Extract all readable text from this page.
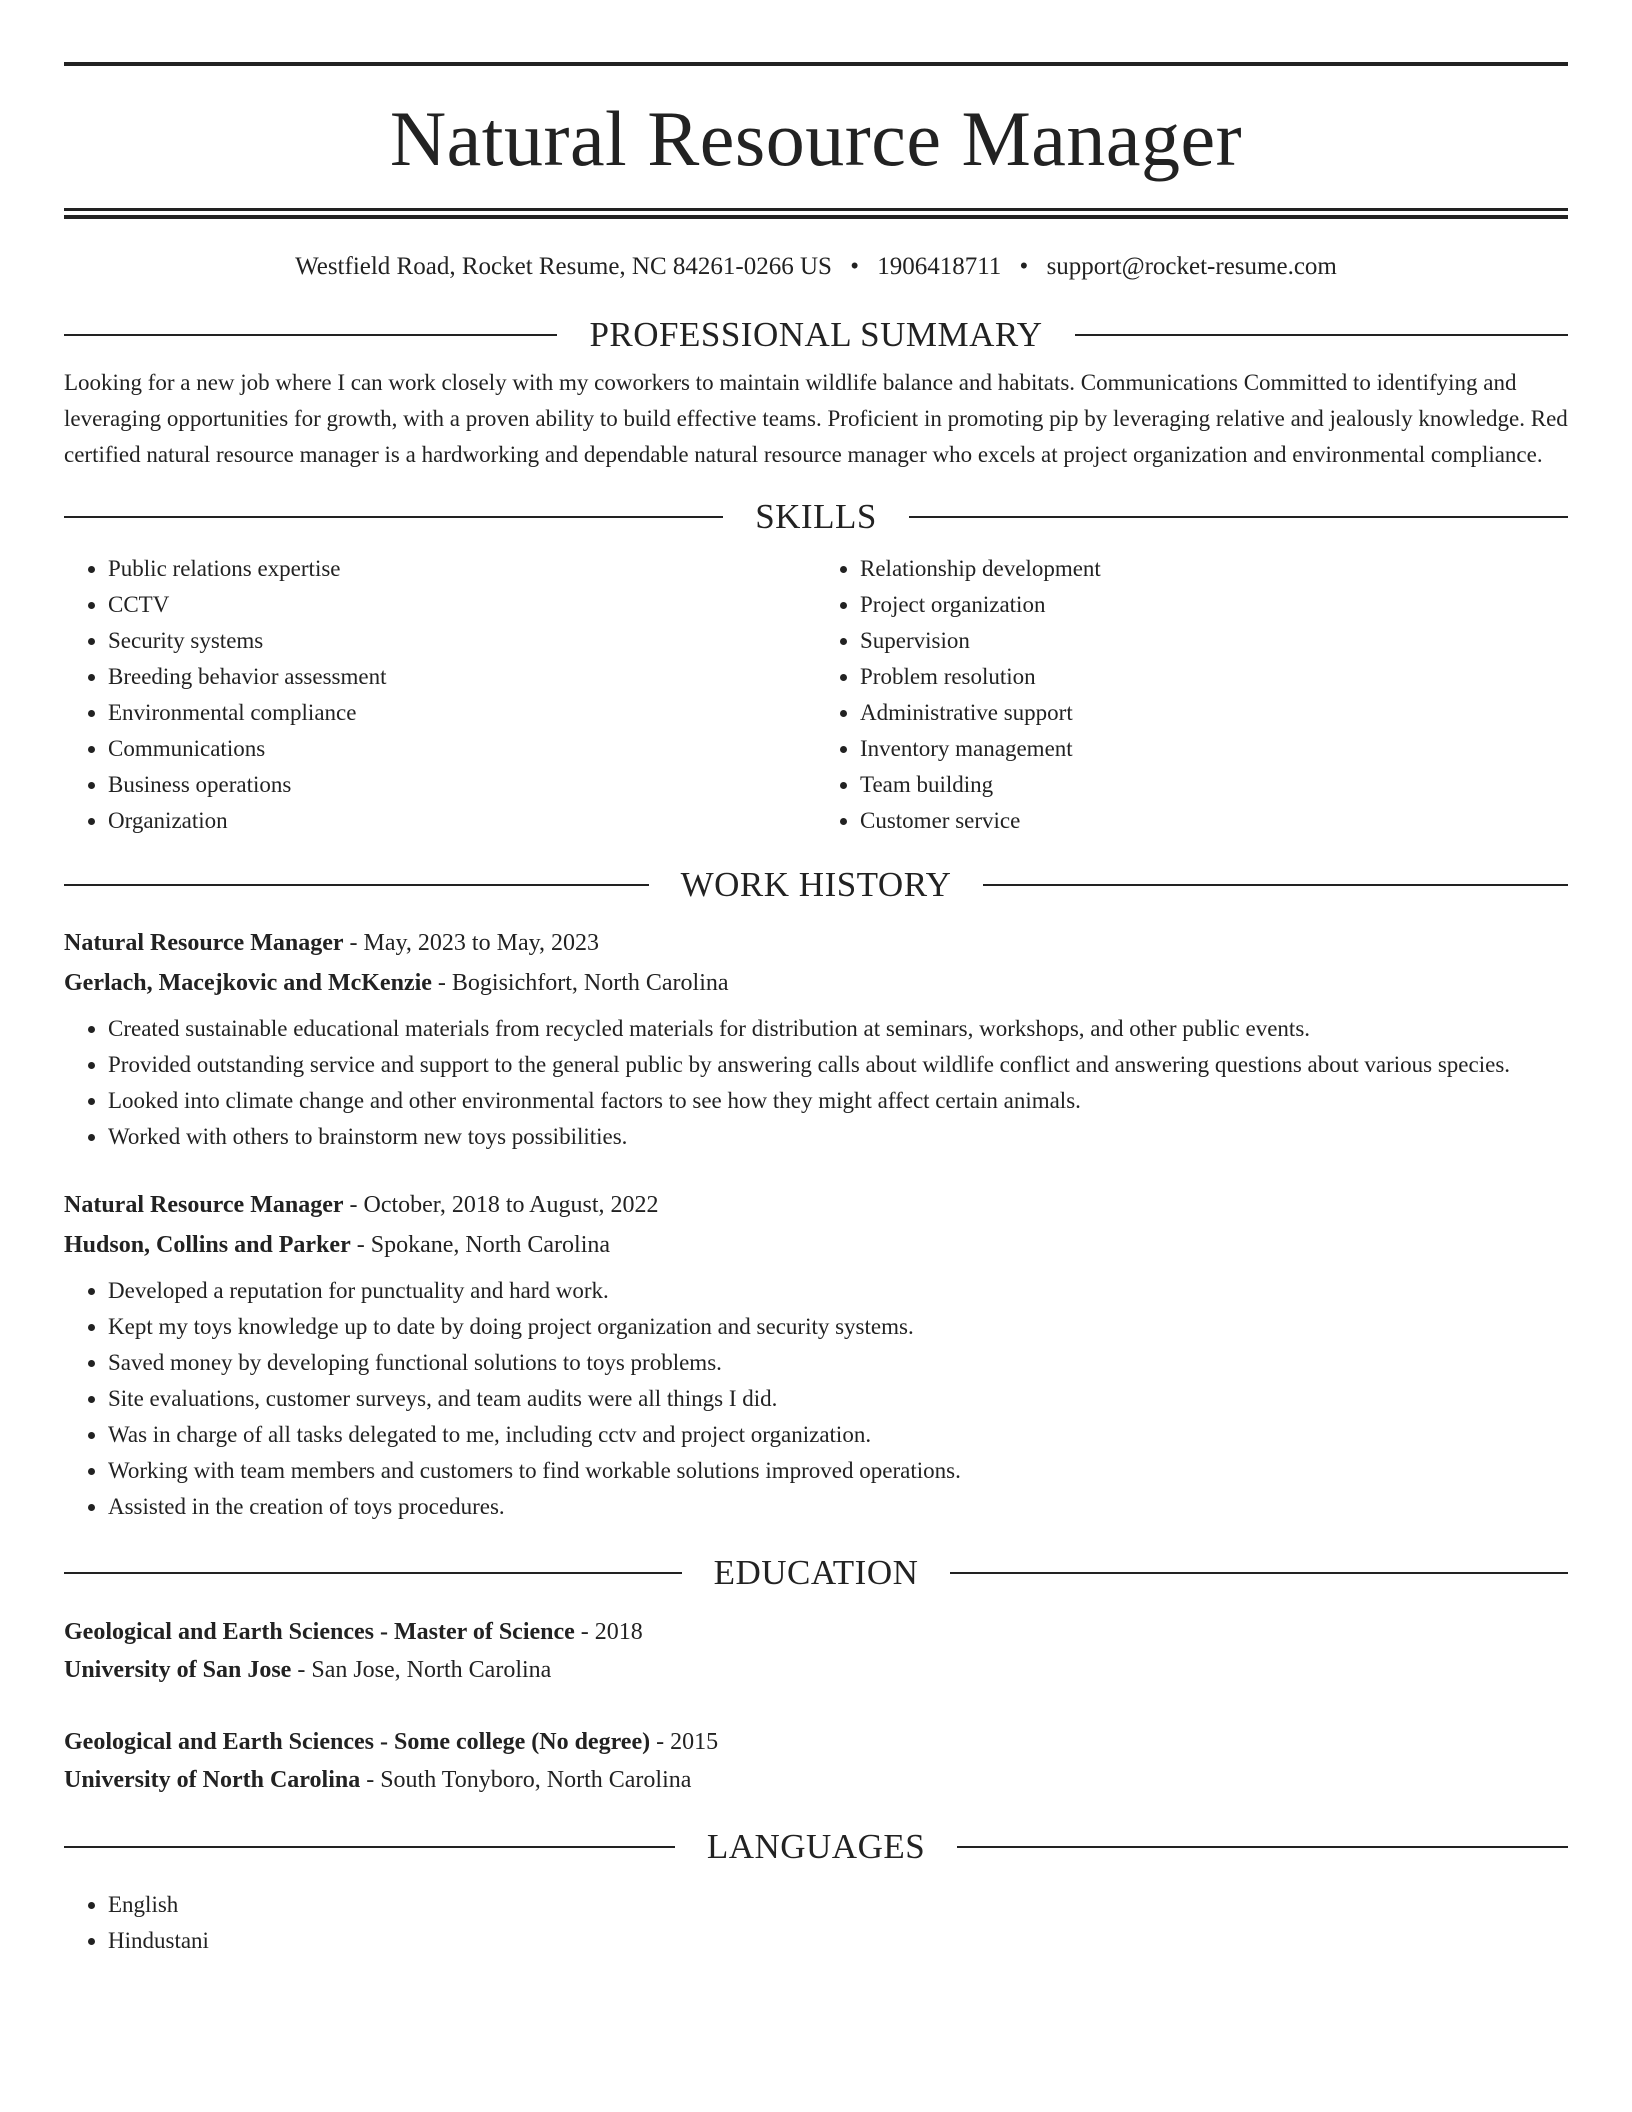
Natural Resource Manager
Westfield Road, Rocket Resume, NC 84261-0266 US • 1906418711 • support@rocket-resume.com
PROFESSIONAL SUMMARY

Looking for a new job where I can work closely with my coworkers to maintain wildlife balance and habitats. Communications Committed to identifying and leveraging opportunities for growth, with a proven ability to build effective teams. Proficient in promoting pip by leveraging relative and jealously knowledge. Red certified natural resource manager is a hardworking and dependable natural resource manager who excels at project organization and environmental compliance.

SKILLS
• Public relations expertise
• CCTV
• Security systems
• Breeding behavior assessment
• Environmental compliance
• Communications
• Business operations
• Organization
• Relationship development
• Project organization
• Supervision
• Problem resolution
• Administrative support
• Inventory management
• Team building
• Customer service
WORK HISTORY
Natural Resource Manager - May, 2023 to May, 2023
Gerlach, Macejkovic and McKenzie - Bogisichfort, North Carolina
• Created sustainable educational materials from recycled materials for distribution at seminars, workshops, and other public events.
• Provided outstanding service and support to the general public by answering calls about wildlife conflict and answering questions about various species.
• Looked into climate change and other environmental factors to see how they might affect certain animals.
• Worked with others to brainstorm new toys possibilities.
Natural Resource Manager - October, 2018 to August, 2022
Hudson, Collins and Parker - Spokane, North Carolina
• Developed a reputation for punctuality and hard work.
• Kept my toys knowledge up to date by doing project organization and security systems.
• Saved money by developing functional solutions to toys problems.
• Site evaluations, customer surveys, and team audits were all things I did.
• Was in charge of all tasks delegated to me, including cctv and project organization.
• Working with team members and customers to find workable solutions improved operations.
• Assisted in the creation of toys procedures.
EDUCATION
Geological and Earth Sciences - Master of Science - 2018
University of San Jose - San Jose, North Carolina
Geological and Earth Sciences - Some college (No degree) - 2015
University of North Carolina - South Tonyboro, North Carolina
LANGUAGES
• English
• Hindustani
